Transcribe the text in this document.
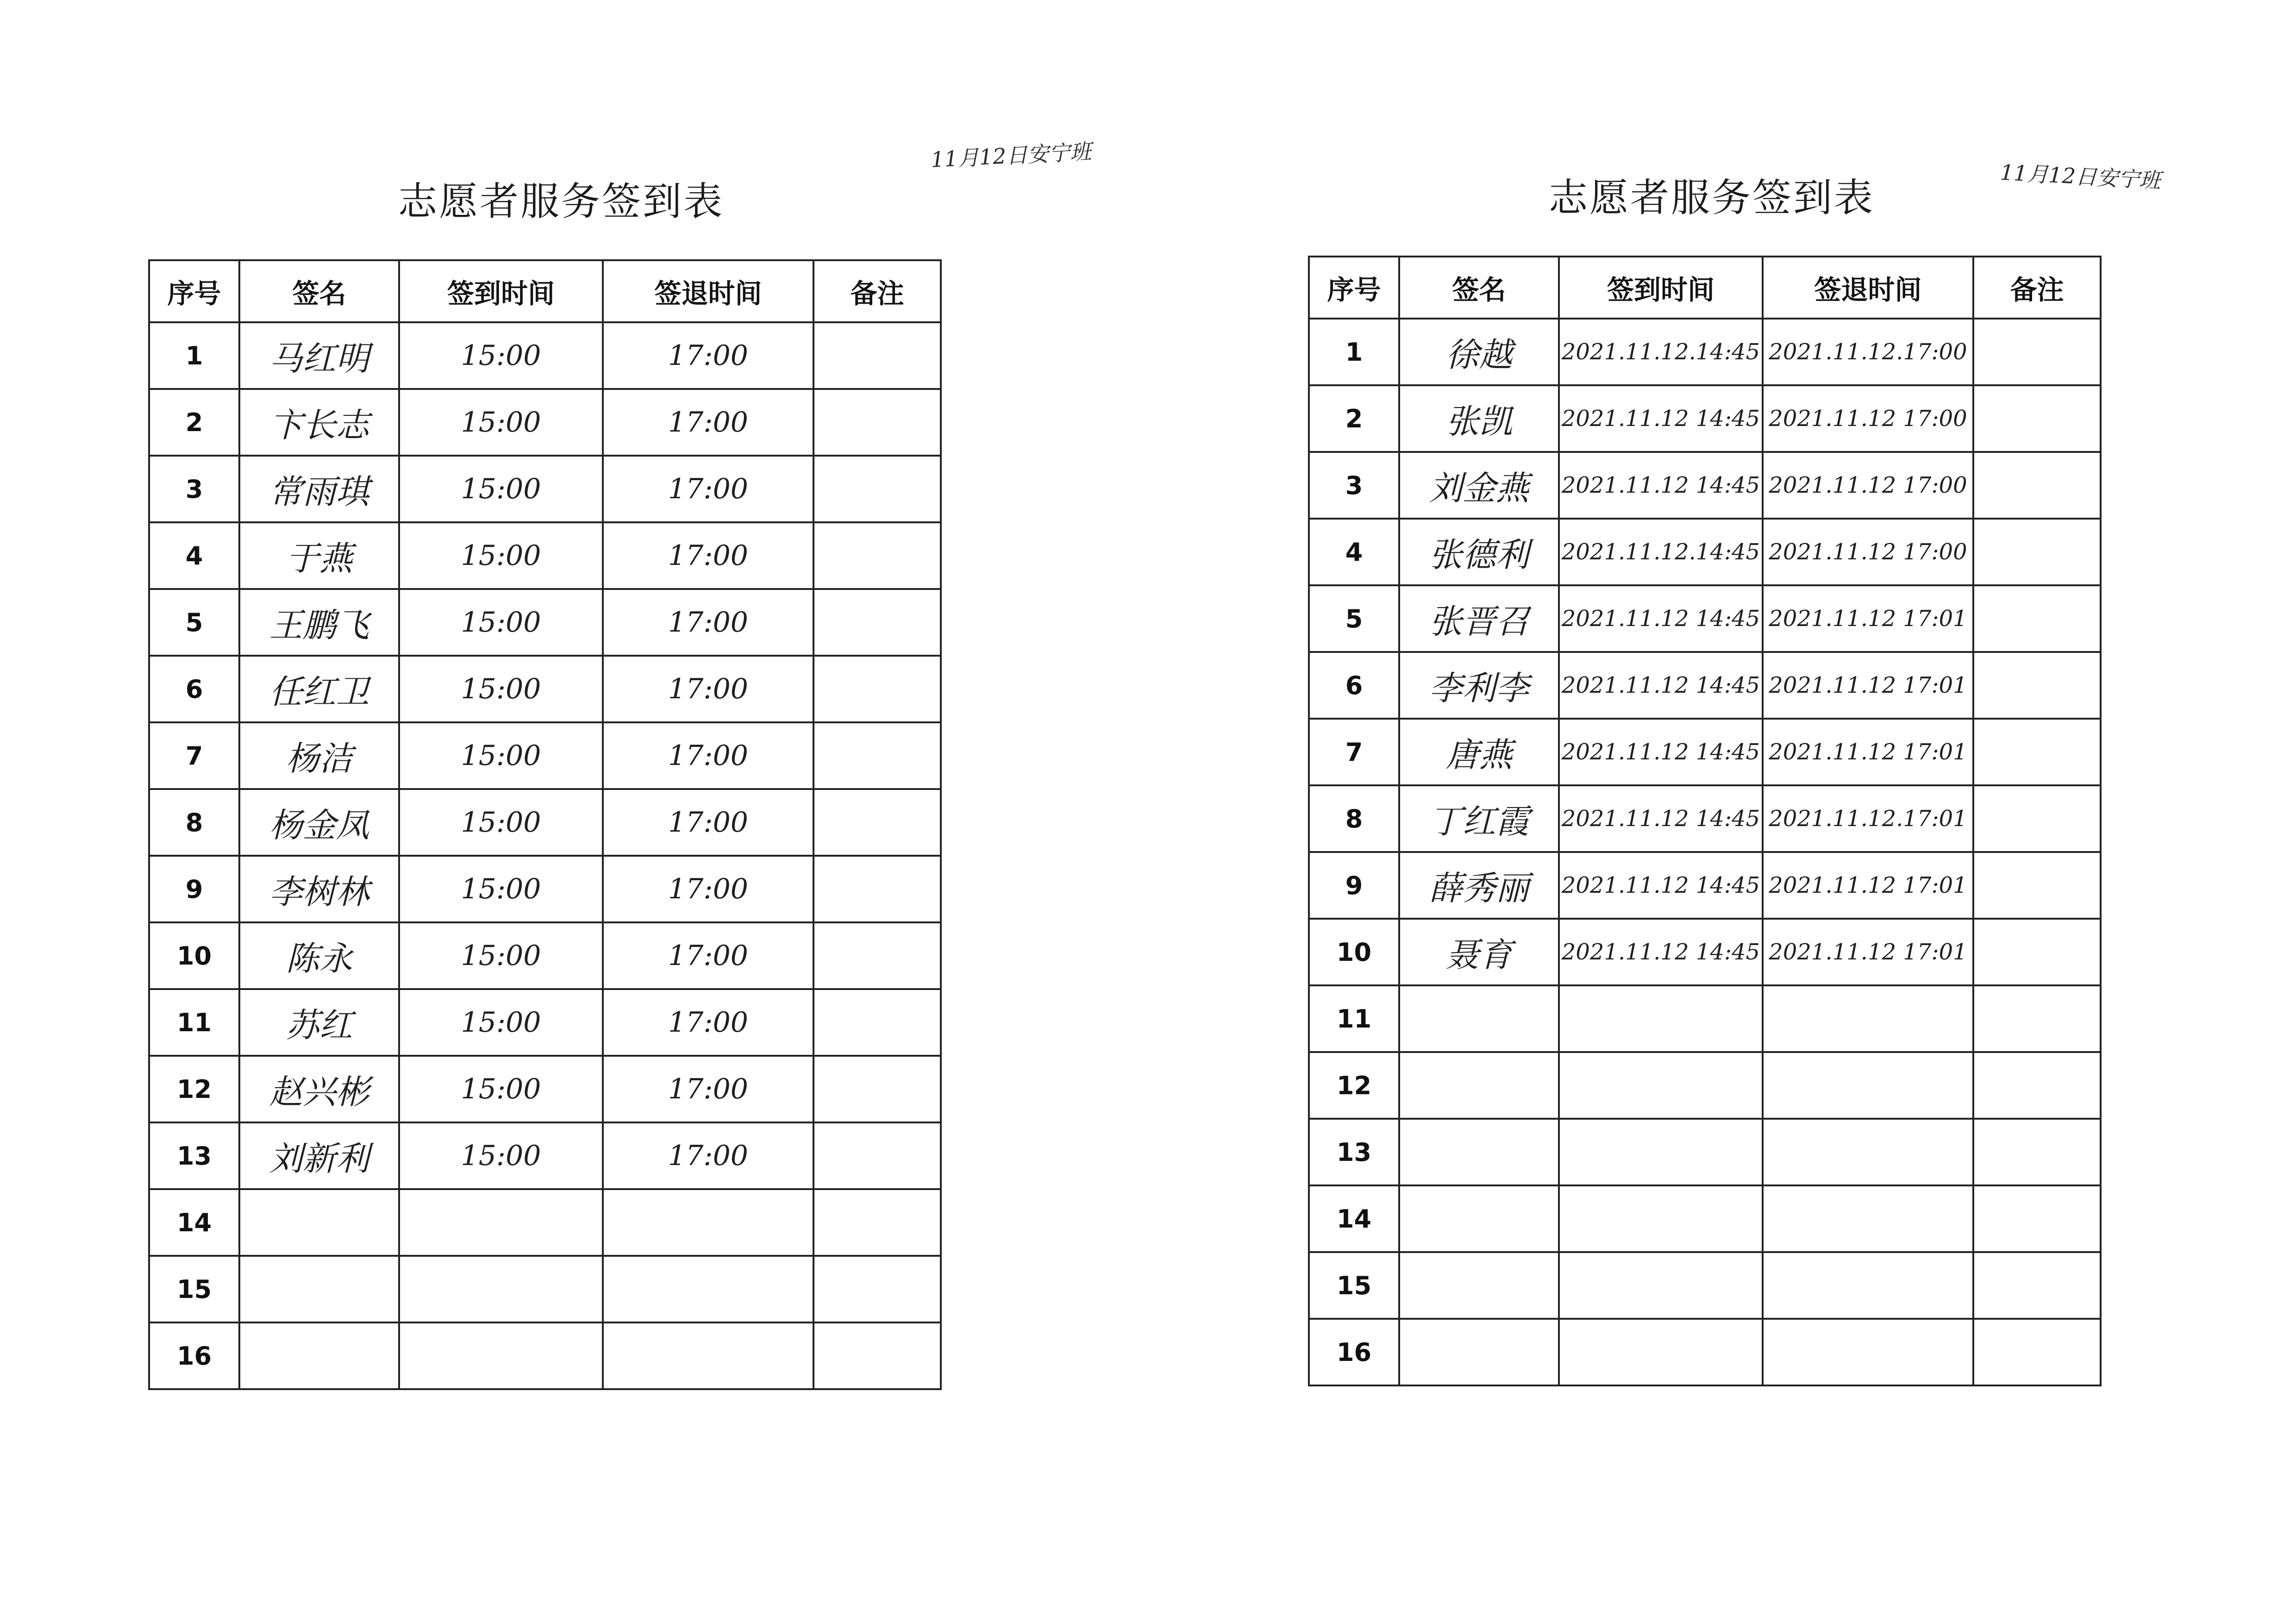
11月12日安宁班
志愿者服务签到表
序号	签名	签到时间	签退时间	备注
1	马红明	15:00	17:00	
2	卞长志	15:00	17:00	
3	常雨琪	15:00	17:00	
4	于燕	15:00	17:00	
5	王鹏飞	15:00	17:00	
6	任红卫	15:00	17:00	
7	杨洁	15:00	17:00	
8	杨金凤	15:00	17:00	
9	李树林	15:00	17:00	
10	陈永	15:00	17:00	
11	苏红	15:00	17:00	
12	赵兴彬	15:00	17:00	
13	刘新利	15:00	17:00	
14				
15				
16				
11月12日安宁班
志愿者服务签到表
序号	签名	签到时间	签退时间	备注
1	徐越	2021.11.12.14:45	2021.11.12.17:00	
2	张凯	2021.11.12 14:45	2021.11.12 17:00	
3	刘金燕	2021.11.12 14:45	2021.11.12 17:00	
4	张德利	2021.11.12.14:45	2021.11.12 17:00	
5	张晋召	2021.11.12 14:45	2021.11.12 17:01	
6	李利李	2021.11.12 14:45	2021.11.12 17:01	
7	唐燕	2021.11.12 14:45	2021.11.12 17:01	
8	丁红霞	2021.11.12 14:45	2021.11.12.17:01	
9	薛秀丽	2021.11.12 14:45	2021.11.12 17:01	
10	聂育	2021.11.12 14:45	2021.11.12 17:01	
11				
12				
13				
14				
15				
16				
